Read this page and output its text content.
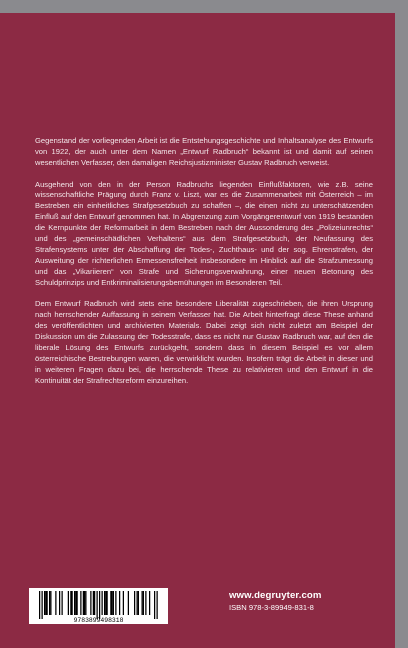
Gegenstand der vorliegenden Arbeit ist die Entstehungsgeschichte und Inhaltsanalyse des Entwurfs von 1922, der auch unter dem Namen „Entwurf Radbruch“ bekannt ist und damit auf seinen wesentlichen Verfasser, den damaligen Reichsjustizminister Gustav Radbruch verweist.

Ausgehend von den in der Person Radbruchs liegenden Einflußfaktoren, wie z.B. seine wissenschaftliche Prägung durch Franz v. Liszt, war es die Zusammenarbeit mit Österreich – im Bestreben ein einheitliches Strafgesetzbuch zu schaffen –, die einen nicht zu unterschätzenden Einfluß auf den Entwurf genommen hat. In Abgrenzung zum Vorgängerentwurf von 1919 bestanden die Kernpunkte der Reformarbeit in dem Bestreben nach der Aussonderung des „Polizeiunrechts“ und des „gemeinschädlichen Verhaltens“ aus dem Strafgesetzbuch, der Neufassung des Strafensystems unter der Abschaffung der Todes-, Zuchthaus- und der sog. Ehrenstrafen, der Ausweitung der richterlichen Ermessensfreiheit insbesondere im Hinblick auf die Strafzumessung und das „Vikariieren“ von Strafe und Sicherungsverwahrung, einer neuen Betonung des Schuldprinzips und Entkriminalisierungsbemühungen im Besonderen Teil.

Dem Entwurf Radbruch wird stets eine besondere Liberalität zugeschrieben, die ihren Ursprung nach herrschender Auffassung in seinem Verfasser hat. Die Arbeit hinterfragt diese These anhand des veröffentlichten und archivierten Materials. Dabei zeigt sich nicht zuletzt am Beispiel der Diskussion um die Zulassung der Todesstrafe, dass es nicht nur Gustav Radbruch war, auf den die liberale Lösung des Entwurfs zurückgeht, sondern dass in diesem Beispiel es vor allem österreichische Bestrebungen waren, die verwirklicht wurden. Insofern trägt die Arbeit in dieser und in weiteren Fragen dazu bei, die herrschende These zu relativieren und den Entwurf in die Kontinuität der Strafrechtsreform einzureihen.

9783899498318
www.degruyter.com
ISBN 978-3-89949-831-8
